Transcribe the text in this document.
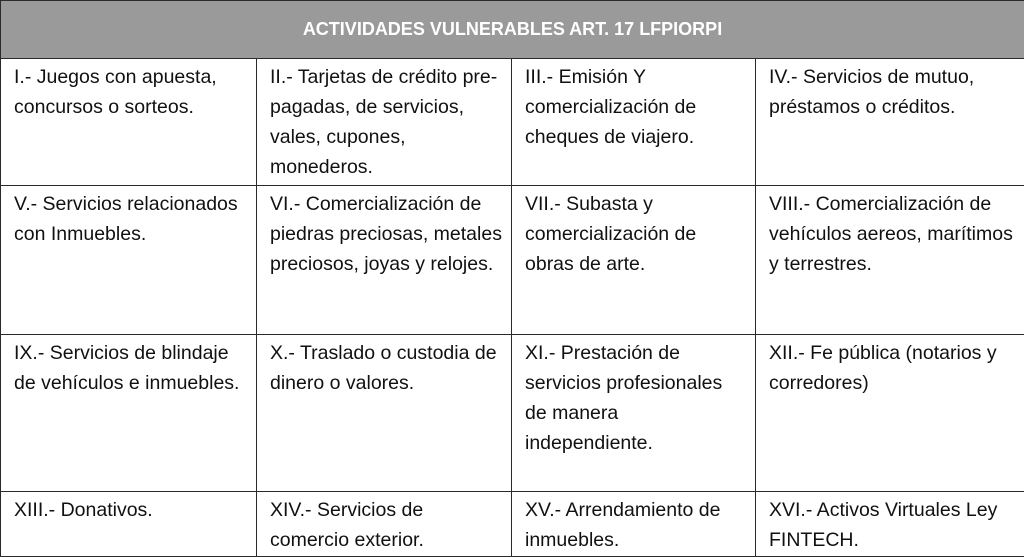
ACTIVIDADES VULNERABLES ART. 17 LFPIORPI			
I.- Juegos con apuesta, concursos o sorteos.	II.- Tarjetas de crédito pre-pagadas, de servicios, vales, cupones, monederos.	III.- Emisión Y comercialización de cheques de viajero.	IV.- Servicios de mutuo, préstamos o créditos.
V.- Servicios relacionados con Inmuebles.	VI.- Comercialización de piedras preciosas, metales preciosos, joyas y relojes.	VII.- Subasta y comercialización de obras de arte.	VIII.- Comercialización de vehículos aereos, marítimos y terrestres.
IX.- Servicios de blindaje de vehículos e inmuebles.	X.- Traslado o custodia de dinero o valores.	XI.- Prestación de servicios profesionales de manera independiente.	XII.- Fe pública (notarios y corredores)
XIII.- Donativos.	XIV.- Servicios de comercio exterior.	XV.- Arrendamiento de inmuebles.	XVI.- Activos Virtuales Ley FINTECH.
